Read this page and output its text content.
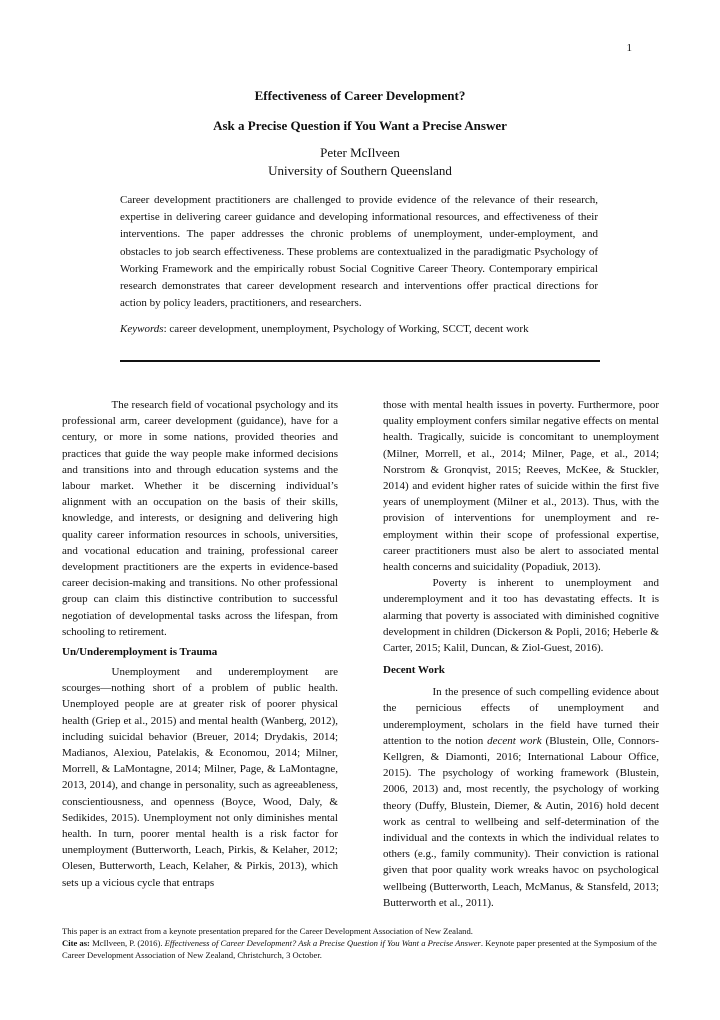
1
Effectiveness of Career Development?
Ask a Precise Question if You Want a Precise Answer
Peter McIlveen
University of Southern Queensland

Career development practitioners are challenged to provide evidence of the relevance of their research, expertise in delivering career guidance and developing informational resources, and effectiveness of their interventions. The paper addresses the chronic problems of unemployment, under-employment, and obstacles to job search effectiveness. These problems are contextualized in the paradigmatic Psychology of Working Framework and the empirically robust Social Cognitive Career Theory. Contemporary empirical research demonstrates that career development research and interventions offer practical directions for action by policy leaders, practitioners, and researchers.

Keywords: career development, unemployment, Psychology of Working, SCCT, decent work

The research field of vocational psychology and its professional arm, career development (guidance), have for a century, or more in some nations, provided theories and practices that guide the way people make informed decisions and transitions into and through education systems and the labour market. Whether it be discerning individual’s alignment with an occupation on the basis of their skills, knowledge, and interests, or designing and delivering high quality career information resources in schools, universities, and vocational education and training, professional career development practitioners are the experts in evidence-based career decision-making and transitions. No other professional group can claim this distinctive contribution to successful negotiation of developmental tasks across the lifespan, from schooling to retirement.

Un/Underemployment is Trauma

Unemployment and underemployment are scourges—nothing short of a problem of public health. Unemployed people are at greater risk of poorer physical health (Griep et al., 2015) and mental health (Wanberg, 2012), including suicidal behavior (Breuer, 2014; Drydakis, 2014; Madianos, Alexiou, Patelakis, & Economou, 2014; Milner, Morrell, & LaMontagne, 2014; Milner, Page, & LaMontagne, 2013, 2014), and change in personality, such as agreeableness, conscientiousness, and openness (Boyce, Wood, Daly, & Sedikides, 2015). Unemployment not only diminishes mental health. In turn, poorer mental health is a risk factor for unemployment (Butterworth, Leach, Pirkis, & Kelaher, 2012; Olesen, Butterworth, Leach, Kelaher, & Pirkis, 2013), which sets up a vicious cycle that entraps

those with mental health issues in poverty. Furthermore, poor quality employment confers similar negative effects on mental health. Tragically, suicide is concomitant to unemployment (Milner, Morrell, et al., 2014; Milner, Page, et al., 2014; Norstrom & Gronqvist, 2015; Reeves, McKee, & Stuckler, 2014) and evident higher rates of suicide within the first five years of unemployment (Milner et al., 2013). Thus, with the provision of interventions for unemployment and re-employment within their scope of professional expertise, career practitioners must also be alert to associated mental health concerns and suicidality (Popadiuk, 2013).

Poverty is inherent to unemployment and underemployment and it too has devastating effects. It is alarming that poverty is associated with diminished cognitive development in children (Dickerson & Popli, 2016; Heberle & Carter, 2015; Kalil, Duncan, & Ziol-Guest, 2016).

Decent Work

In the presence of such compelling evidence about the pernicious effects of unemployment and underemployment, scholars in the field have turned their attention to the notion decent work (Blustein, Olle, Connors-Kellgren, & Diamonti, 2016; International Labour Office, 2015). The psychology of working framework (Blustein, 2006, 2013) and, most recently, the psychology of working theory (Duffy, Blustein, Diemer, & Autin, 2016) hold decent work as central to wellbeing and self-determination of the individual and the contexts in which the individual relates to others (e.g., family community). Their conviction is rational given that poor quality work wreaks havoc on psychological wellbeing (Butterworth, Leach, McManus, & Stansfeld, 2013; Butterworth et al., 2011).

This paper is an extract from a keynote presentation prepared for the Career Development Association of New Zealand.

Cite as: McIlveen, P. (2016). Effectiveness of Career Development? Ask a Precise Question if You Want a Precise Answer. Keynote paper presented at the Symposium of the Career Development Association of New Zealand, Christchurch, 3 October.
